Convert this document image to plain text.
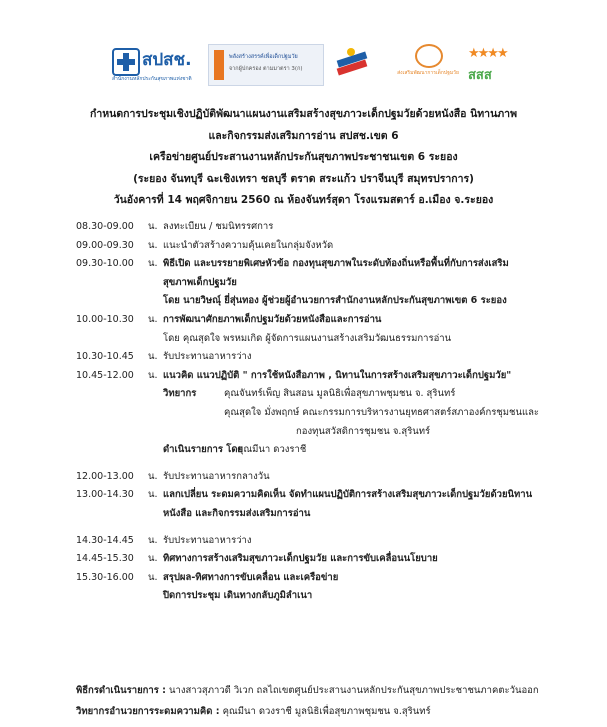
สปสช.
สำนักงานหลักประกันสุขภาพแห่งชาติ
พลังสร้างสรรค์เพื่อเด็กปฐมวัย
จากผู้ปกครอง ตามมาตรา 3(ก)
ส่งเสริมพัฒนาการเด็กปฐมวัย
★★★★
สสส
กำหนดการประชุมเชิงปฏิบัติพัฒนาแผนงานเสริมสร้างสุขภาวะเด็กปฐมวัยด้วยหนังสือ นิทานภาพ
และกิจกรรมส่งเสริมการอ่าน สปสช.เขต 6
เครือข่ายศูนย์ประสานงานหลักประกันสุขภาพประชาชนเขต 6 ระยอง
(ระยอง จันทบุรี ฉะเชิงเทรา ชลบุรี ตราด สระแก้ว ปราจีนบุรี สมุทรปราการ)
วันอังคารที่ 14 พฤศจิกายน 2560 ณ ห้องจันทร์สุดา โรงแรมสตาร์ อ.เมือง จ.ระยอง
08.30-09.00	น. ลงทะเบียน / ชมนิทรรศการ
09.00-09.30	น. แนะนำตัวสร้างความคุ้นเคยในกลุ่มจังหวัด
09.30-10.00	น. พิธีเปิด และบรรยายพิเศษหัวข้อ กองทุนสุขภาพในระดับท้องถิ่นหรือพื้นที่กับการส่งเสริม
สุขภาพเด็กปฐมวัย
โดย นายวิษณุ์ ยี่สุ่นทอง ผู้ช่วยผู้อำนวยการสำนักงานหลักประกันสุขภาพเขต 6 ระยอง
10.00-10.30	น. การพัฒนาศักยภาพเด็กปฐมวัยด้วยหนังสือและการอ่าน
โดย คุณสุดใจ พรหมเกิด ผู้จัดการแผนงานสร้างเสริมวัฒนธรรมการอ่าน
10.30-10.45	น. รับประทานอาหารว่าง
10.45-12.00	น. แนวคิด แนวปฏิบัติ " การใช้หนังสือภาพ , นิทานในการสร้างเสริมสุขภาวะเด็กปฐมวัย"
วิทยากร	คุณจันทร์เพ็ญ สินสอน มูลนิธิเพื่อสุขภาพชุมชน จ. สุรินทร์
คุณสุดใจ มั่งพฤกษ์ คณะกรรมการบริหารงานยุทธศาสตร์สภาองค์กรชุมชนและ
กองทุนสวัสดิการชุมชน จ.สุรินทร์
ดำเนินรายการ โดย
คุณมีนา ดวงราชี
12.00-13.00	น. รับประทานอาหารกลางวัน
13.00-14.30	น. แลกเปลี่ยน ระดมความคิดเห็น จัดทำแผนปฏิบัติการสร้างเสริมสุขภาวะเด็กปฐมวัยด้วยนิทาน
หนังสือ และกิจกรรมส่งเสริมการอ่าน
14.30-14.45	น. รับประทานอาหารว่าง
14.45-15.30	น. ทิศทางการสร้างเสริมสุขภาวะเด็กปฐมวัย และการขับเคลื่อนนโยบาย
15.30-16.00	น. สรุปผล-ทิศทางการขับเคลื่อน และเครือข่าย
ปิดการประชุม เดินทางกลับภูมิลำเนา
พิธีกรดำเนินรายการ : นางสาวสุภาวดี วิเวก ถลไถเขตศูนย์ประสานงานหลักประกันสุขภาพประชาชนภาคตะวันออก
วิทยากรอำนวยการระดมความคิด : คุณมีนา ดวงราชี มูลนิธิเพื่อสุขภาพชุมชน จ.สุรินทร์
